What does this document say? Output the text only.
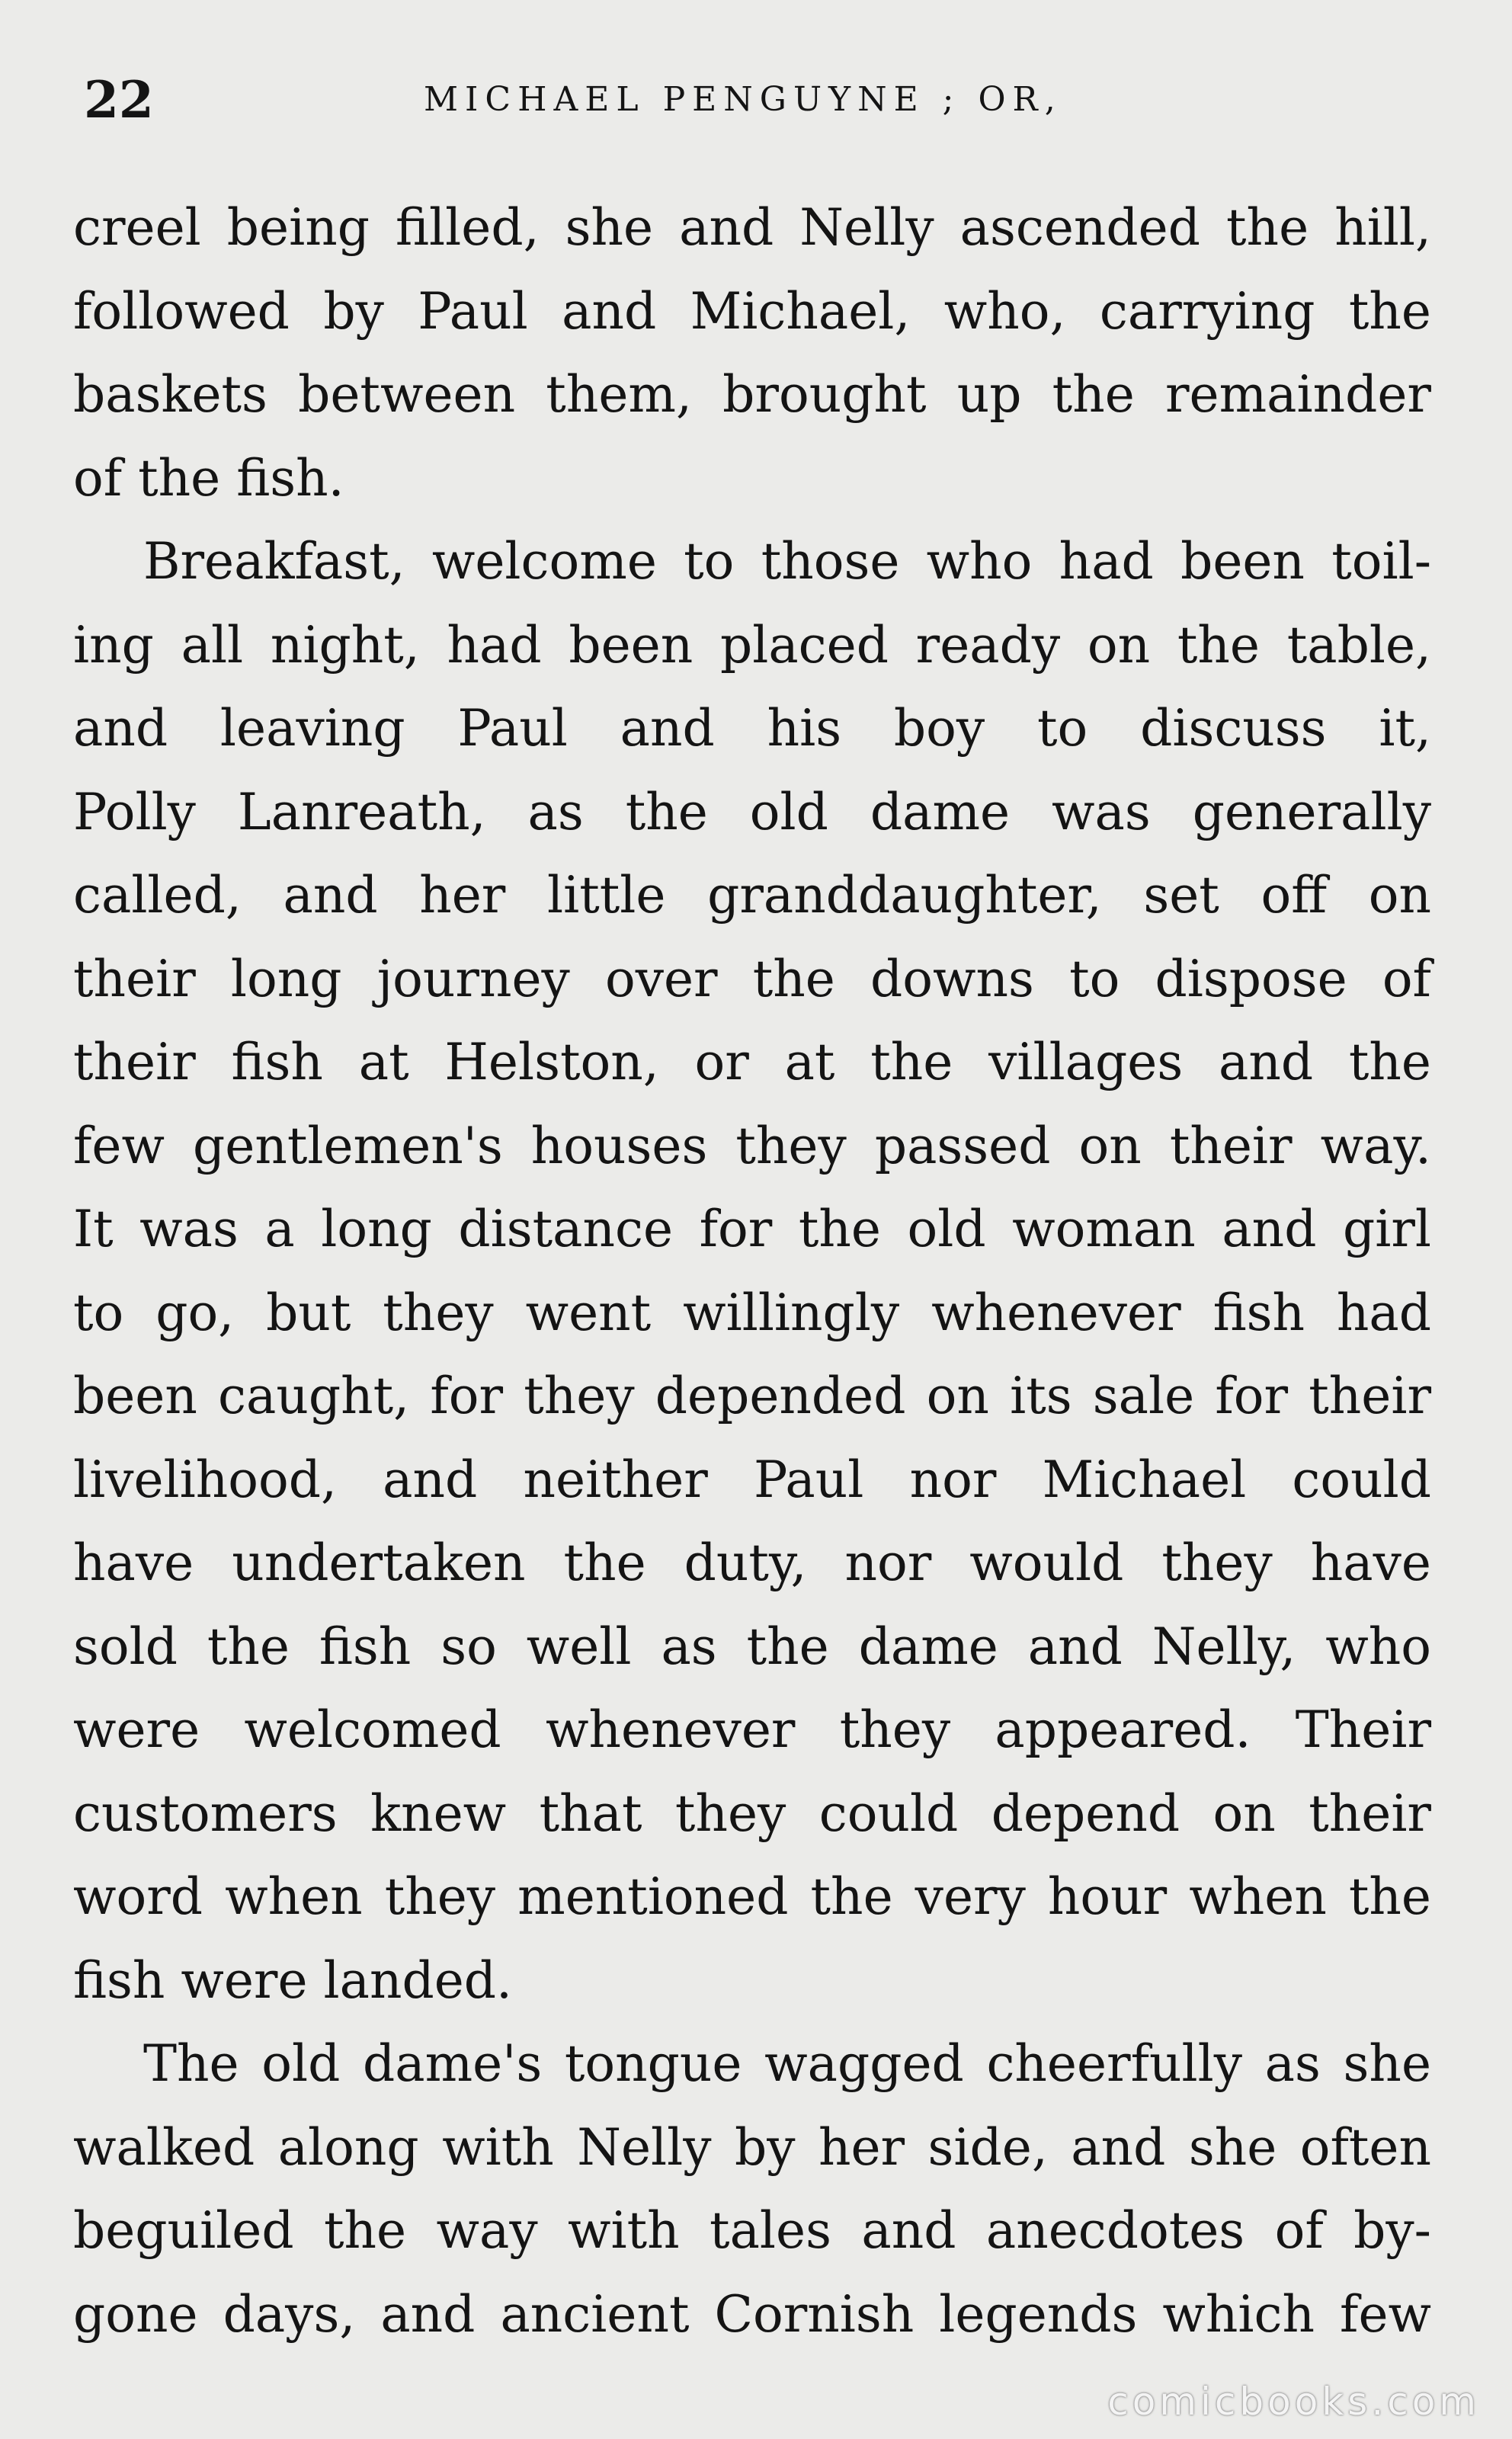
22	MICHAEL PENGUYNE ; OR,
creel being filled, she and Nelly ascended the hill,
followed by Paul and Michael, who, carrying the
baskets between them, brought up the remainder
of the fish.
Breakfast, welcome to those who had been toil-
ing all night, had been placed ready on the table,
and leaving Paul and his boy to discuss it,
Polly Lanreath, as the old dame was generally
called, and her little granddaughter, set off on
their long journey over the downs to dispose of
their fish at Helston, or at the villages and the
few gentlemen's houses they passed on their way.
It was a long distance for the old woman and girl
to go, but they went willingly whenever fish had
been caught, for they depended on its sale for their
livelihood, and neither Paul nor Michael could
have undertaken the duty, nor would they have
sold the fish so well as the dame and Nelly, who
were welcomed whenever they appeared. Their
customers knew that they could depend on their
word when they mentioned the very hour when the
fish were landed.
The old dame's tongue wagged cheerfully as she
walked along with Nelly by her side, and she often
beguiled the way with tales and anecdotes of by-
gone days, and ancient Cornish legends which few
comicbooks.com
